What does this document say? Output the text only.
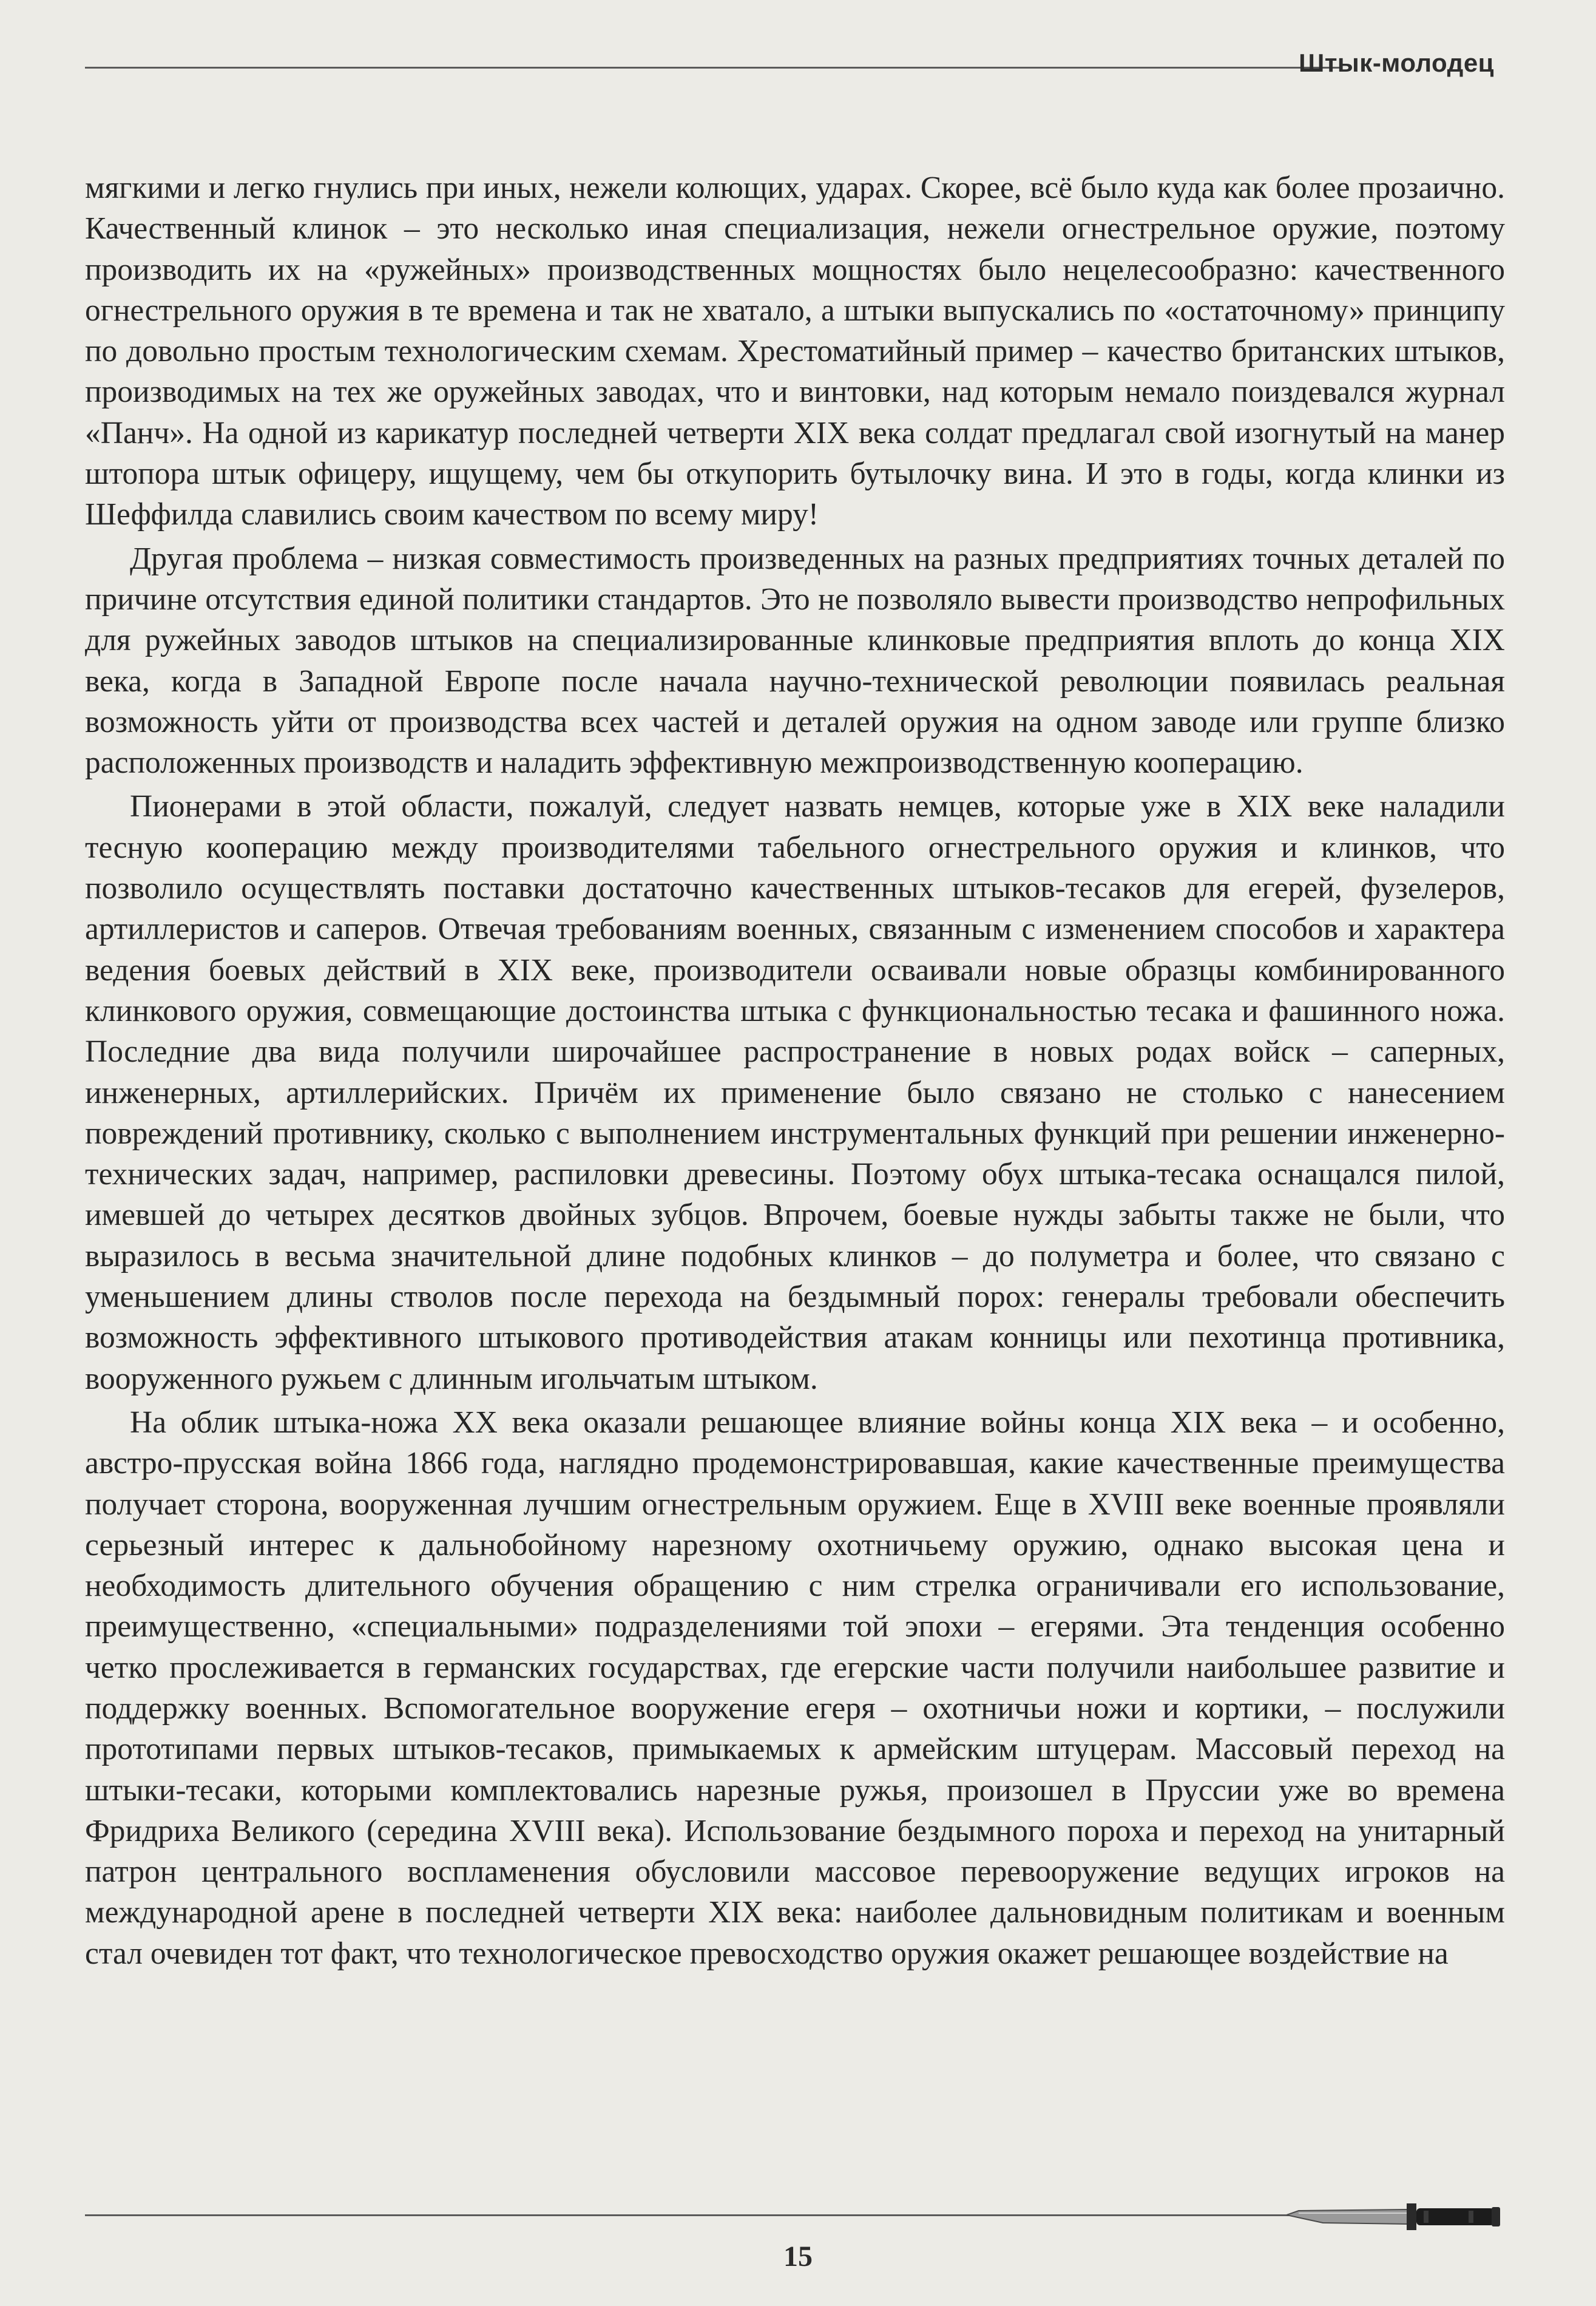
Штык-молодец

мягкими и легко гнулись при иных, нежели колющих, ударах. Скорее, всё было куда как более прозаично. Качественный клинок – это несколько иная специализация, нежели огнестрельное оружие, поэтому производить их на «ружейных» производственных мощностях было нецелесообразно: качественного огнестрельного оружия в те времена и так не хватало, а штыки выпускались по «остаточному» принципу по довольно простым технологическим схемам. Хрестоматийный пример – качество британских штыков, производимых на тех же оружейных заводах, что и винтовки, над которым немало поиздевался журнал «Панч». На одной из карикатур последней четверти XIX века солдат предлагал свой изогнутый на манер штопора штык офицеру, ищущему, чем бы откупорить бутылочку вина. И это в годы, когда клинки из Шеффилда славились своим качеством по всему миру!

Другая проблема – низкая совместимость произведенных на разных предприятиях точных деталей по причине отсутствия единой политики стандартов. Это не позволяло вывести производство непрофильных для ружейных заводов штыков на специализированные клинковые предприятия вплоть до конца XIX века, когда в Западной Европе после начала научно-технической революции появилась реальная возможность уйти от производства всех частей и деталей оружия на одном заводе или группе близко расположенных производств и наладить эффективную межпроизводственную кооперацию.

Пионерами в этой области, пожалуй, следует назвать немцев, которые уже в XIX веке наладили тесную кооперацию между производителями табельного огнестрельного оружия и клинков, что позволило осуществлять поставки достаточно качественных штыков-тесаков для егерей, фузелеров, артиллеристов и саперов. Отвечая требованиям военных, связанным с изменением способов и характера ведения боевых действий в XIX веке, производители осваивали новые образцы комбинированного клинкового оружия, совмещающие достоинства штыка с функциональностью тесака и фашинного ножа. Последние два вида получили широчайшее распространение в новых родах войск – саперных, инженерных, артиллерийских. Причём их применение было связано не столько с нанесением повреждений противнику, сколько с выполнением инструментальных функций при решении инженерно-технических задач, например, распиловки древесины. Поэтому обух штыка-тесака оснащался пилой, имевшей до четырех десятков двойных зубцов. Впрочем, боевые нужды забыты также не были, что выразилось в весьма значительной длине подобных клинков – до полуметра и более, что связано с уменьшением длины стволов после перехода на бездымный порох: генералы требовали обеспечить возможность эффективного штыкового противодействия атакам конницы или пехотинца противника, вооруженного ружьем с длинным игольчатым штыком.

На облик штыка-ножа XX века оказали решающее влияние войны конца XIX века – и особенно, австро-прусская война 1866 года, наглядно продемонстрировавшая, какие качественные преимущества получает сторона, вооруженная лучшим огнестрельным оружием. Еще в XVIII веке военные проявляли серьезный интерес к дальнобойному нарезному охотничьему оружию, однако высокая цена и необходимость длительного обучения обращению с ним стрелка ограничивали его использование, преимущественно, «специальными» подразделениями той эпохи – егерями. Эта тенденция особенно четко прослеживается в германских государствах, где егерские части получили наибольшее развитие и поддержку военных. Вспомогательное вооружение егеря – охотничьи ножи и кортики, – послужили прототипами первых штыков-тесаков, примыкаемых к армейским штуцерам. Массовый переход на штыки-тесаки, которыми комплектовались нарезные ружья, произошел в Пруссии уже во времена Фридриха Великого (середина XVIII века). Использование бездымного пороха и переход на унитарный патрон центрального воспламенения обусловили массовое перевооружение ведущих игроков на международной арене в последней четверти XIX века: наиболее дальновидным политикам и военным стал очевиден тот факт, что технологическое превосходство оружия окажет решающее воздействие на

15
